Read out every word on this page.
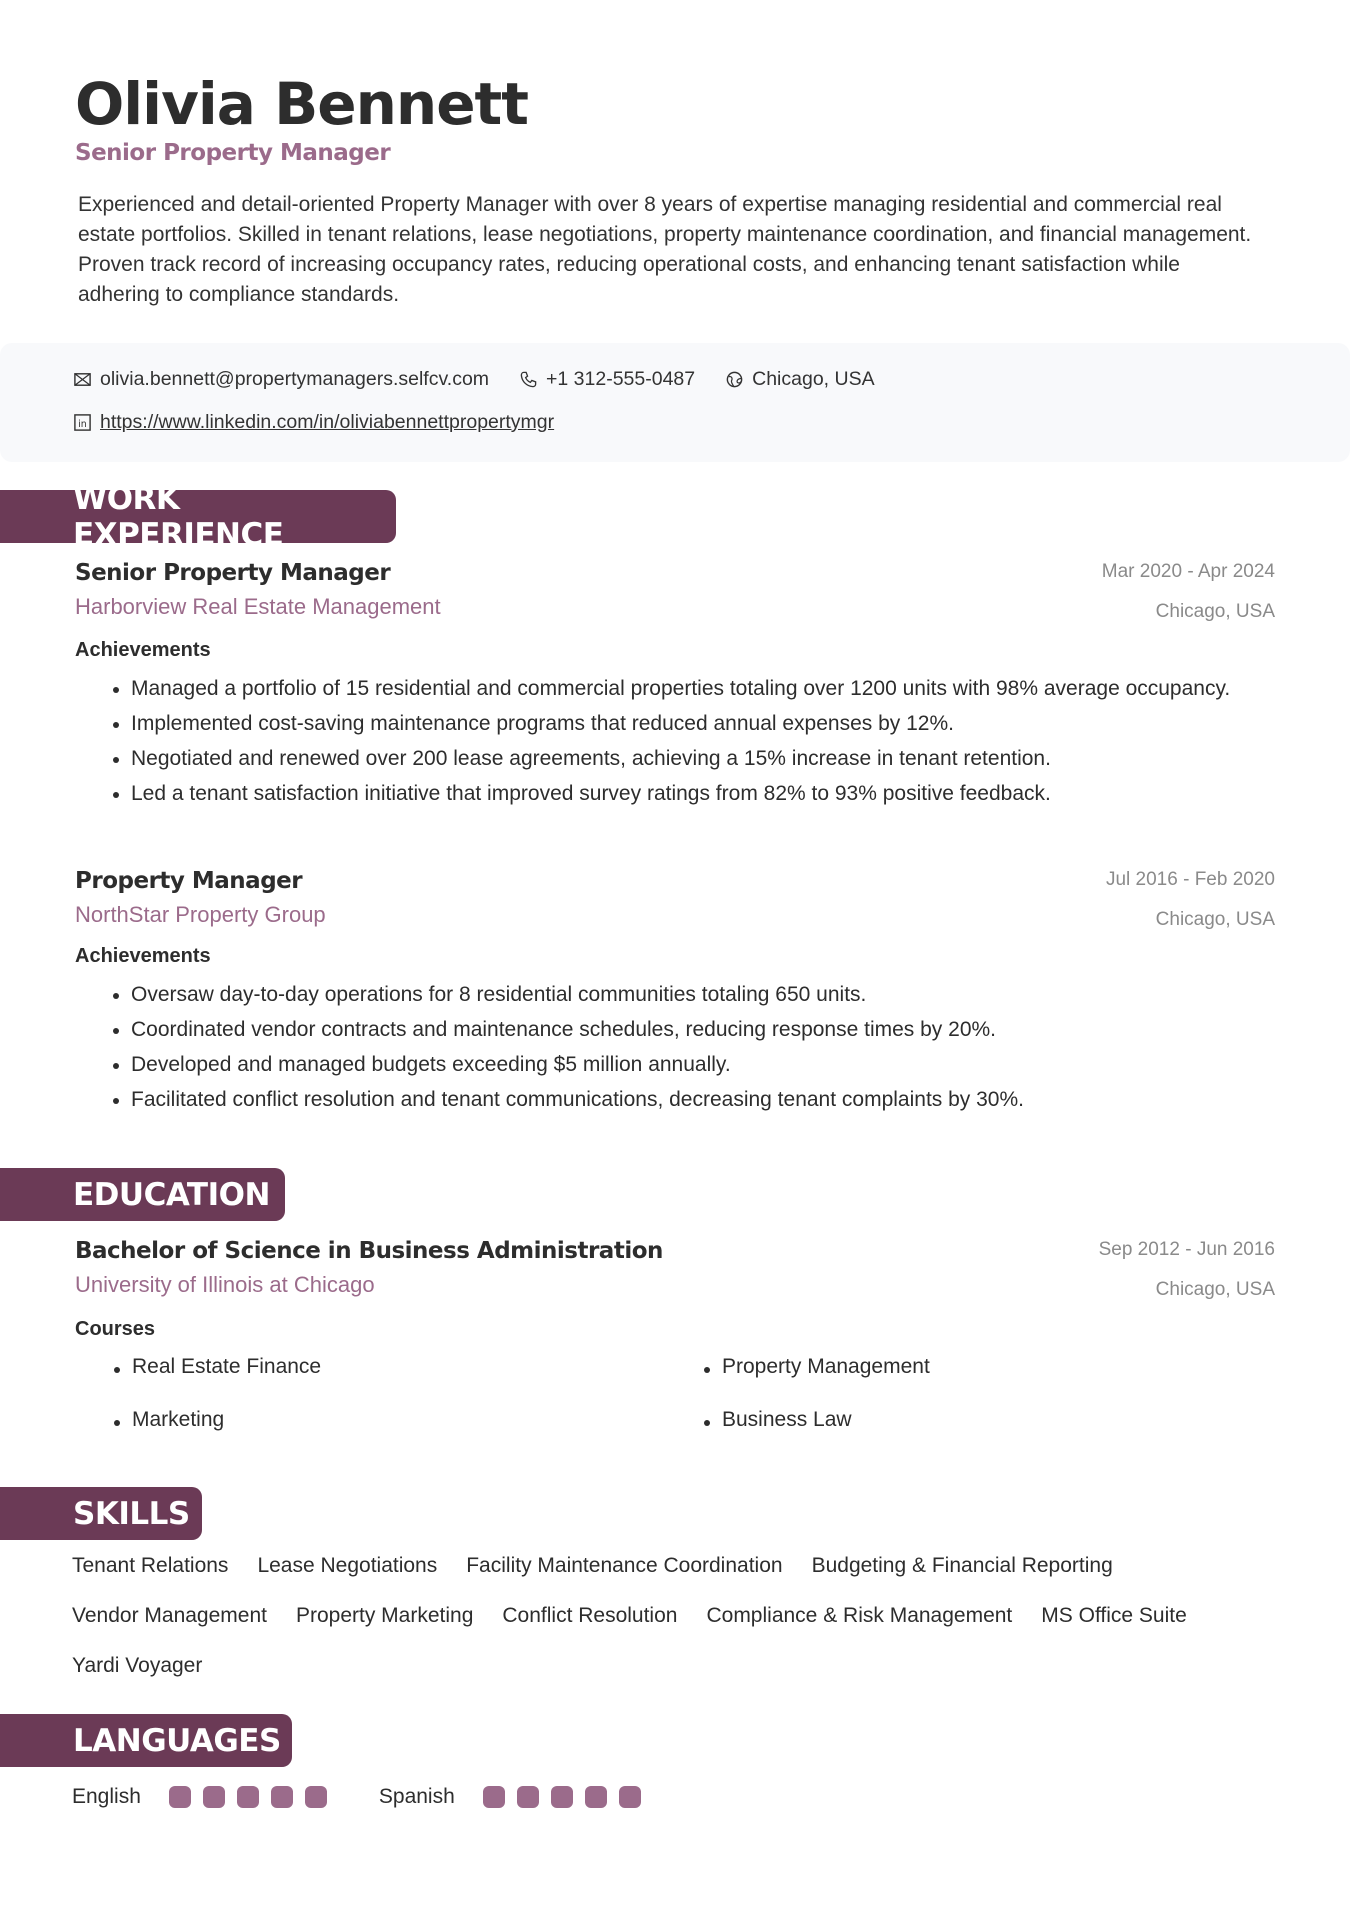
Olivia Bennett
Senior Property Manager

Experienced and detail-oriented Property Manager with over 8 years of expertise managing residential and commercial real estate portfolios. Skilled in tenant relations, lease negotiations, property maintenance coordination, and financial management. Proven track record of increasing occupancy rates, reducing operational costs, and enhancing tenant satisfaction while adhering to compliance standards.

olivia.bennett@propertymanagers.selfcv.com	+1 312-555-0487	Chicago, USA
in https://www.linkedin.com/in/oliviabennettpropertymgr
WORK EXPERIENCE
Senior Property Manager
Harborview Real Estate Management
Mar 2020 - Apr 2024
Chicago, USA
Achievements
Managed a portfolio of 15 residential and commercial properties totaling over 1200 units with 98% average occupancy.
Implemented cost-saving maintenance programs that reduced annual expenses by 12%.
Negotiated and renewed over 200 lease agreements, achieving a 15% increase in tenant retention.
Led a tenant satisfaction initiative that improved survey ratings from 82% to 93% positive feedback.
Property Manager
NorthStar Property Group
Jul 2016 - Feb 2020
Chicago, USA
Achievements
Oversaw day-to-day operations for 8 residential communities totaling 650 units.
Coordinated vendor contracts and maintenance schedules, reducing response times by 20%.
Developed and managed budgets exceeding $5 million annually.
Facilitated conflict resolution and tenant communications, decreasing tenant complaints by 30%.
EDUCATION
Bachelor of Science in Business Administration
University of Illinois at Chicago
Sep 2012 - Jun 2016
Chicago, USA
Courses
Real Estate Finance	Property Management
Marketing	Business Law
SKILLS
Tenant Relations Lease Negotiations Facility Maintenance Coordination Budgeting & Financial Reporting
Vendor Management Property Marketing Conflict Resolution Compliance & Risk Management MS Office Suite
Yardi Voyager
LANGUAGES
English	Spanish
